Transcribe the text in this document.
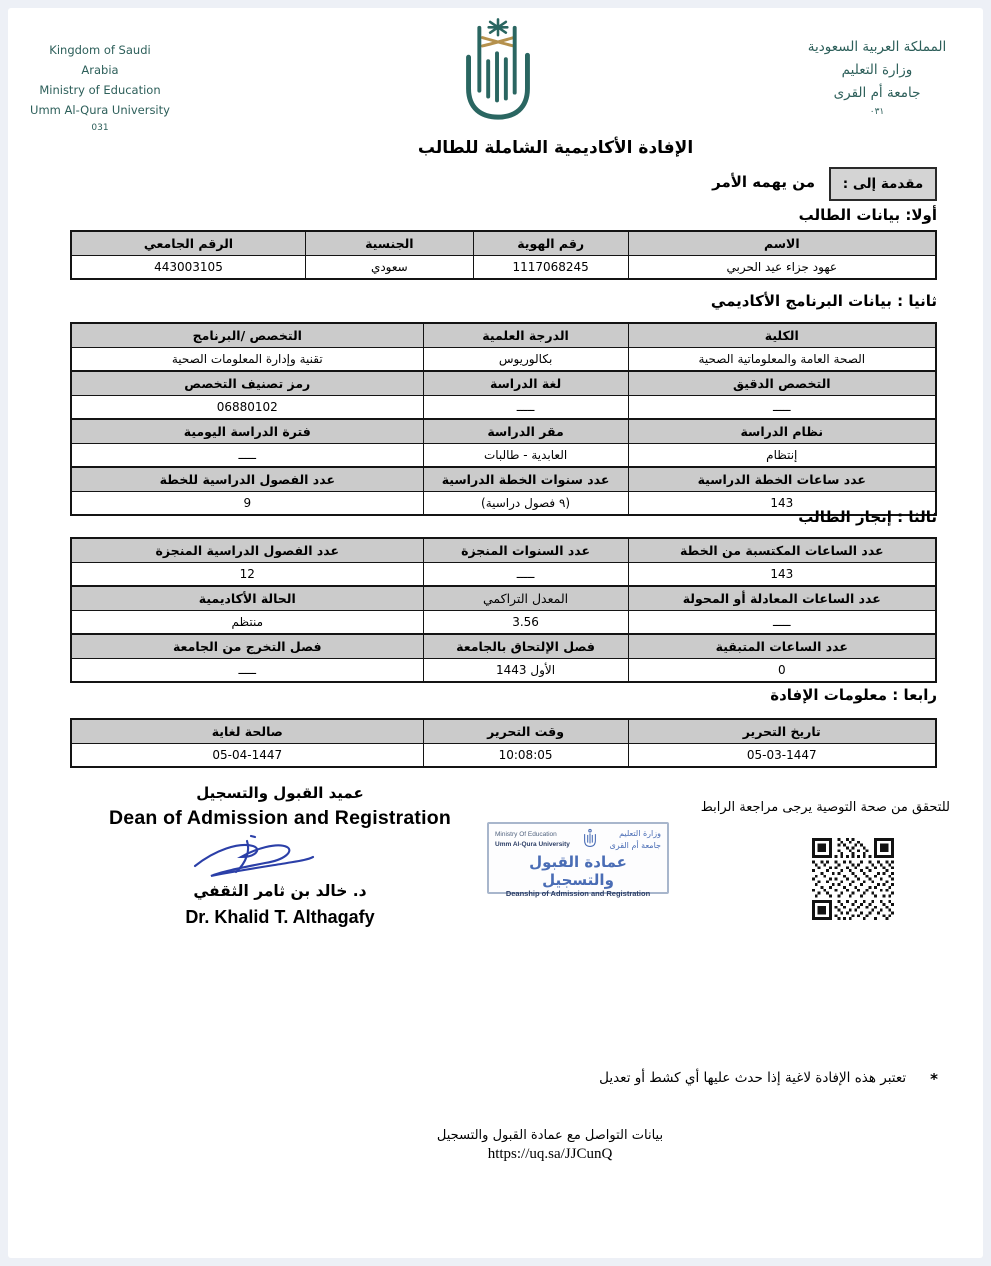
Kingdom of Saudi Arabia
Ministry of Education
Umm Al-Qura University
031
المملكة العربية السعودية
وزارة التعليم
جامعة أم القرى
٠٣١
الإفادة الأكاديمية الشاملة للطالب
مقدمة إلى :
من يهمه الأمر
أولا: بيانات الطالب
الاسم	رقم الهوية	الجنسية	الرقم الجامعي
عهود جزاء عيد الحربي	1117068245	سعودي	443003105
ثانيا : بيانات البرنامج الأكاديمي
الكلية	الدرجة العلمية	التخصص /البرنامج
الصحة العامة والمعلوماتية الصحية	بكالوريوس	تقنية وإدارة المعلومات الصحية
التخصص الدقيق	لغة الدراسة	رمز تصنيف التخصص
ـــــ	ـــــ	06880102
نظام الدراسة	مقر الدراسة	فترة الدراسة اليومية
إنتظام	العابدية - طالبات	ـــــ
عدد ساعات الخطة الدراسية	عدد سنوات الخطة الدراسية	عدد الفصول الدراسية للخطة
143	(٩ فصول دراسية)	9
ثالثا : إنجاز الطالب
عدد الساعات المكتسبة من الخطة	عدد السنوات المنجزة	عدد الفصول الدراسية المنجزة
143	ـــــ	12
عدد الساعات المعادلة أو المحولة	المعدل التراكمي	الحالة الأكاديمية
ـــــ	3.56	منتظم
عدد الساعات المتبقية	فصل الإلتحاق بالجامعة	فصل التخرج من الجامعة
0	الأول 1443	ـــــ
رابعا : معلومات الإفادة
تاريخ التحرير	وقت التحرير	صالحة لغاية
05-03-1447	10:08:05	05-04-1447
عميد القبول والتسجيل
Dean of Admission and Registration
د. خالد بن ثامر الثقفي
Dr. Khalid T. Althagafy
Ministry Of Education
Umm Al-Qura University
وزارة التعليم
جامعة أم القرى
عمادة القبول والتسجيل
Deanship of Admission and Registration
للتحقق من صحة التوصية يرجى مراجعة الرابط
*
تعتبر هذه الإفادة لاغية إذا حدث عليها أي كشط أو تعديل
بيانات التواصل مع عمادة القبول والتسجيل
https://uq.sa/JJCunQ
